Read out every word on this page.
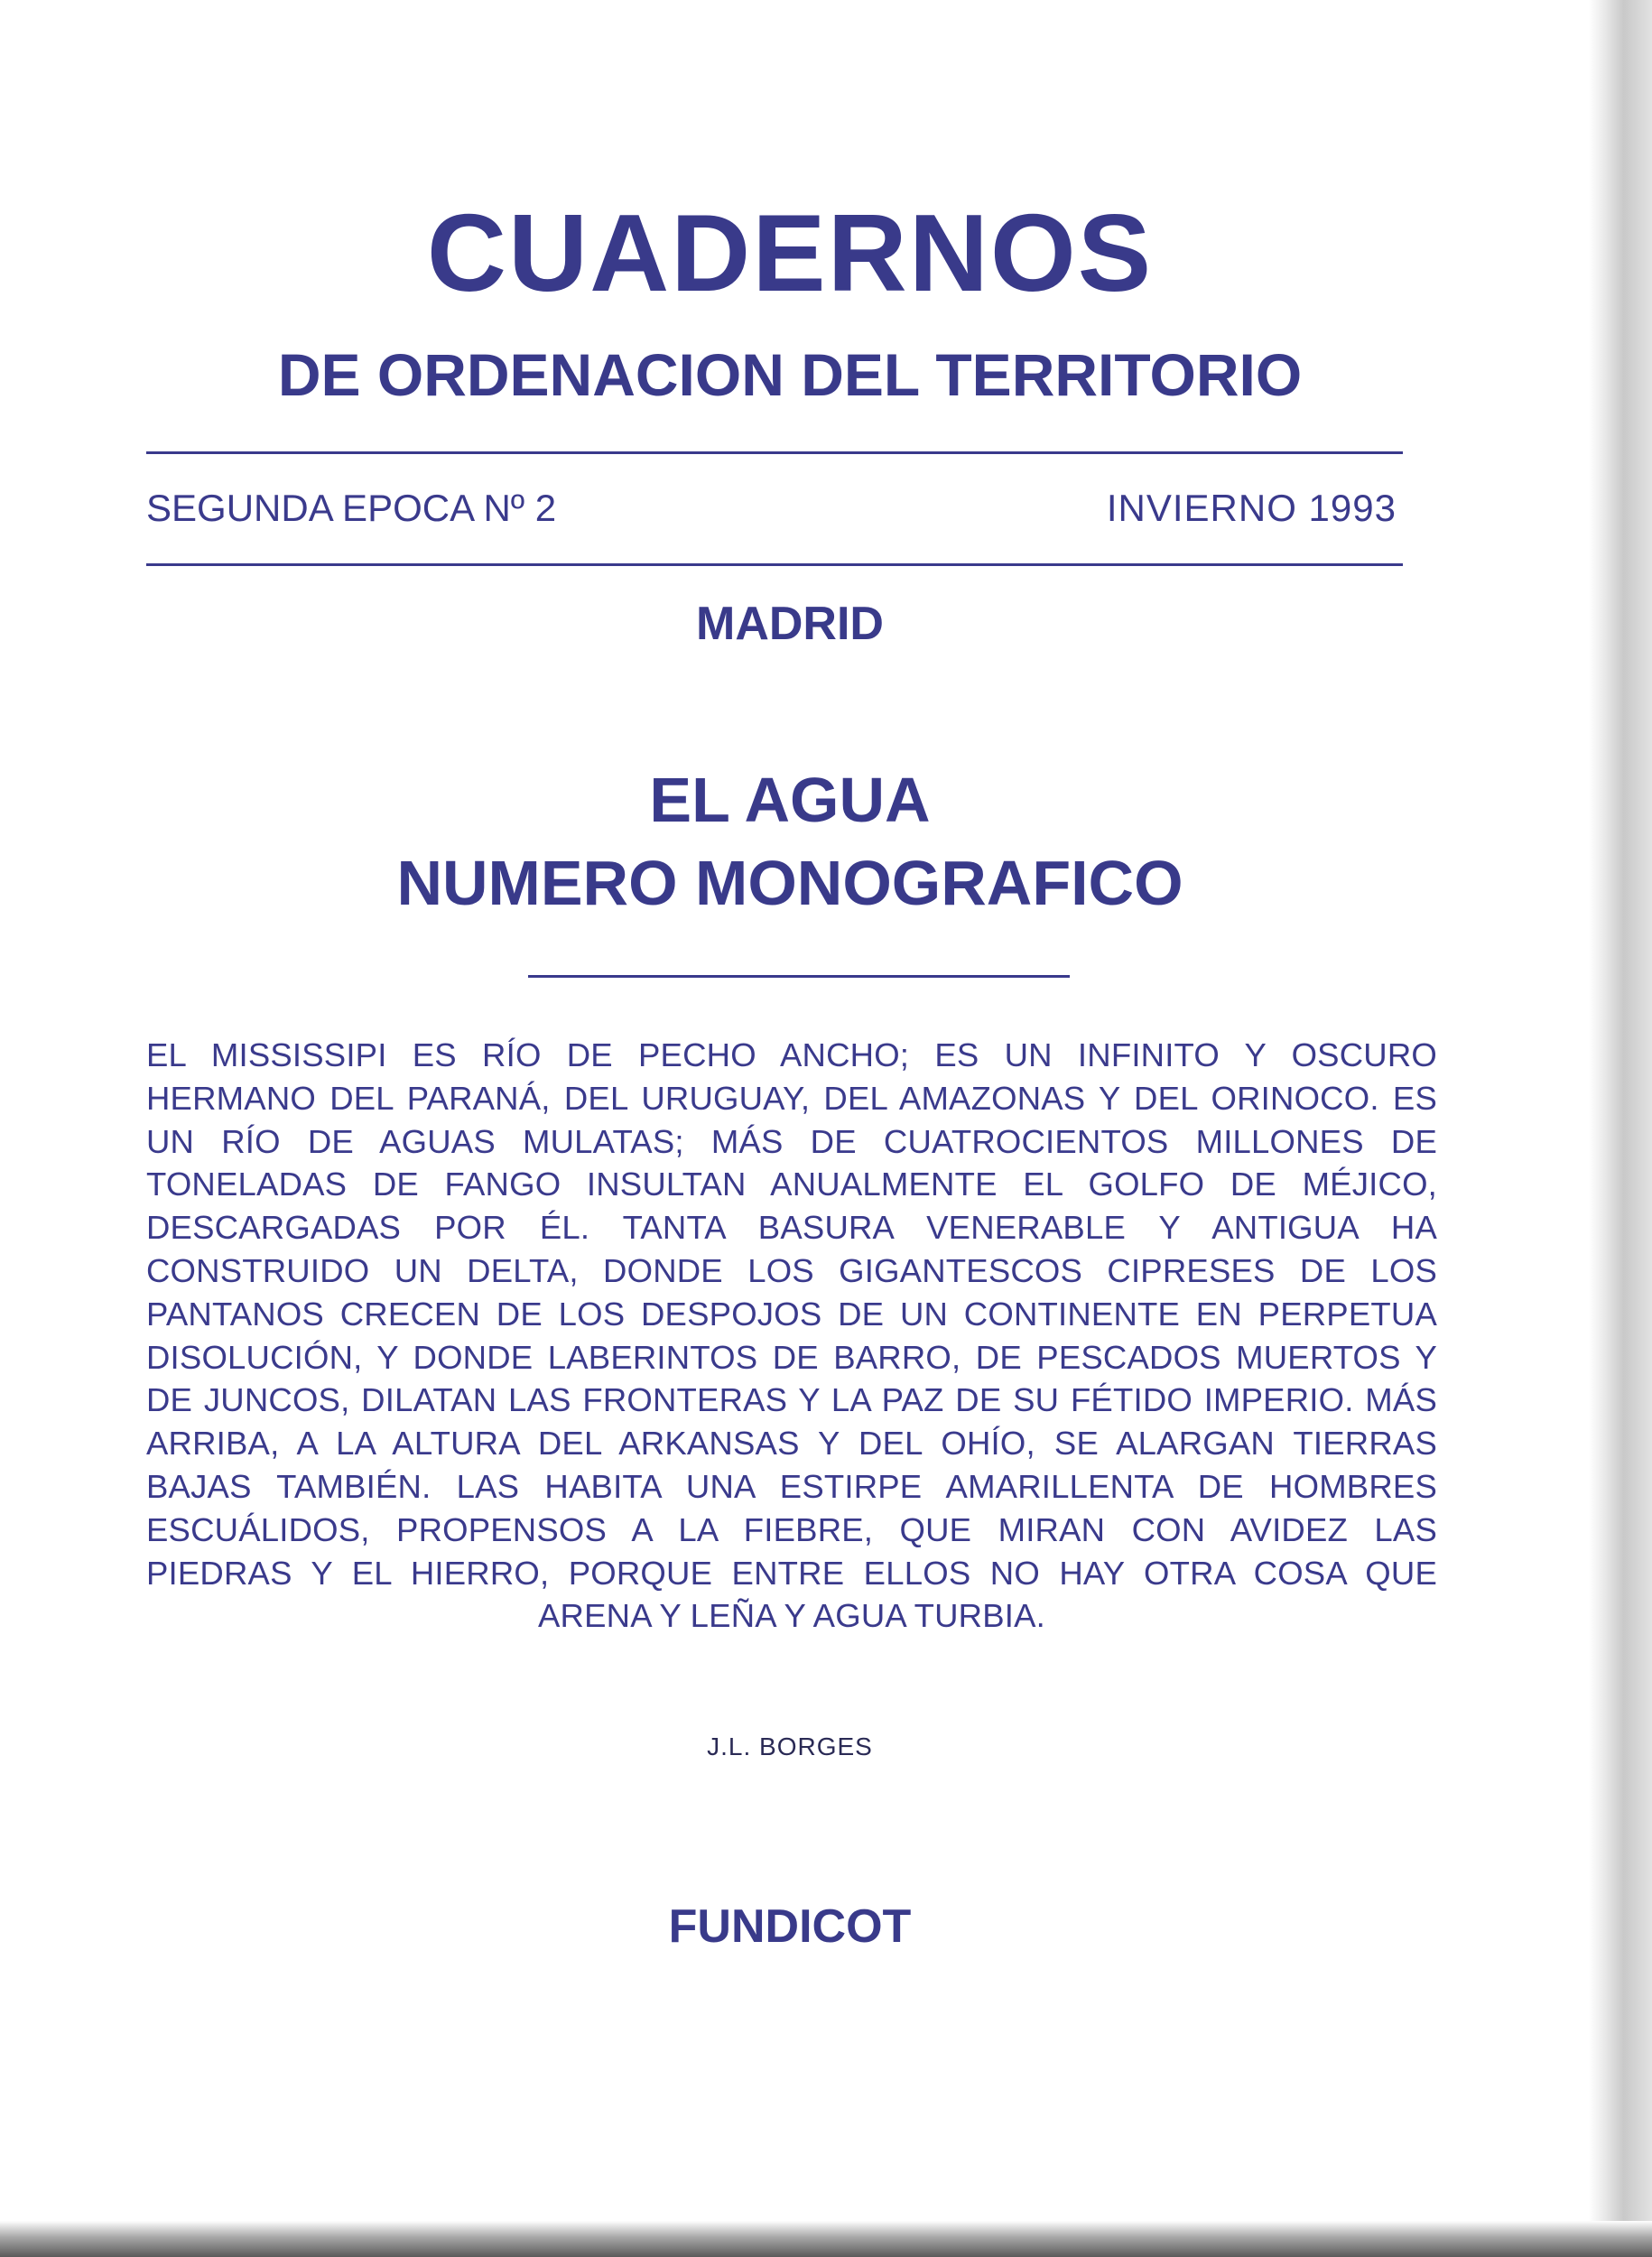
CUADERNOS
DE ORDENACION DEL TERRITORIO
SEGUNDA EPOCA Nº 2	INVIERNO 1993
MADRID
EL AGUA
NUMERO MONOGRAFICO
EL MISSISSIPI ES RÍO DE PECHO ANCHO; ES UN INFINITO Y OSCURO HERMANO DEL PARANÁ, DEL URUGUAY, DEL AMAZONAS Y DEL ORINOCO. ES UN RÍO DE AGUAS MULATAS; MÁS DE CUATROCIENTOS MILLONES DE TONELADAS DE FANGO INSULTAN ANUALMENTE EL GOLFO DE MÉJICO, DESCARGADAS POR ÉL. TANTA BASURA VENERABLE Y ANTIGUA HA CONSTRUIDO UN DELTA, DONDE LOS GIGANTESCOS CIPRESES DE LOS PANTANOS CRECEN DE LOS DESPOJOS DE UN CONTINENTE EN PERPETUA DISOLUCIÓN, Y DONDE LABERINTOS DE BARRO, DE PESCADOS MUERTOS Y DE JUNCOS, DILATAN LAS FRONTERAS Y LA PAZ DE SU FÉTIDO IMPERIO. MÁS ARRIBA, A LA ALTURA DEL ARKANSAS Y DEL OHÍO, SE ALARGAN TIERRAS BAJAS TAMBIÉN. LAS HABITA UNA ESTIRPE AMARILLENTA DE HOMBRES ESCUÁLIDOS, PROPENSOS A LA FIEBRE, QUE MIRAN CON AVIDEZ LAS PIEDRAS Y EL HIERRO, PORQUE ENTRE ELLOS NO HAY OTRA COSA QUE ARENA Y LEÑA Y AGUA TURBIA.
J.L. BORGES
FUNDICOT
